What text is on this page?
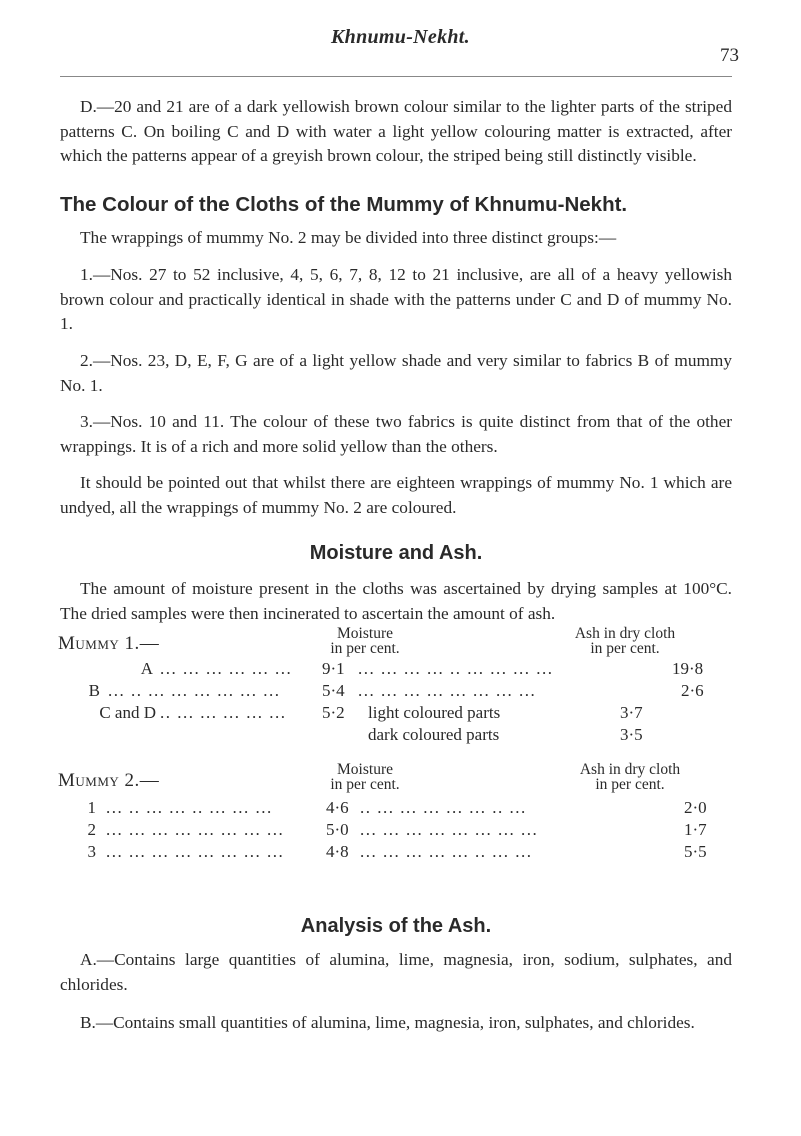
Khnumu-Nekht.
73

D.—20 and 21 are of a dark yellowish brown colour similar to the lighter parts of the striped patterns C. On boiling C and D with water a light yellow colouring matter is extracted, after which the patterns appear of a greyish brown colour, the striped being still distinctly visible.

The Colour of the Cloths of the Mummy of Khnumu-Nekht.

The wrappings of mummy No. 2 may be divided into three distinct groups:—

1.—Nos. 27 to 52 inclusive, 4, 5, 6, 7, 8, 12 to 21 inclusive, are all of a heavy yellowish brown colour and practically identical in shade with the patterns under C and D of mummy No. 1.

2.—Nos. 23, D, E, F, G are of a light yellow shade and very similar to fabrics B of mummy No. 1.

3.—Nos. 10 and 11. The colour of these two fabrics is quite distinct from that of the other wrappings. It is of a rich and more solid yellow than the others.

It should be pointed out that whilst there are eighteen wrappings of mummy No. 1 which are undyed, all the wrappings of mummy No. 2 are coloured.

Moisture and Ash.

The amount of moisture present in the cloths was ascertained by drying samples at 100°C. The dried samples were then incinerated to ascertain the amount of ash.

Mummy 1.—	Moisture
in per cent.
Ash in dry cloth
in per cent.
A ... ... ... ... ... ...	9·1 ... ... ... ... .. ... ... ... ...	19·8
B ... .. ... ... ... ... ... ...	5·4 ... ... ... ... ... ... ... ...	2·6
C and D .. ... ... ... ... ...	5·2 light coloured parts	3·7
dark coloured parts	3·5
Mummy 2.—
Moisture
in per cent.
Ash in dry cloth
in per cent.
1 ... .. ... ... .. ... ... ...	4·6 .. ... ... ... ... ... .. ...	2·0
2 ... ... ... ... ... ... ... ...	5·0 ... ... ... ... ... ... ... ...	1·7
3 ... ... ... ... ... ... ... ...	4·8 ... ... ... ... ... .. ... ...	5·5
Analysis of the Ash.

A.—Contains large quantities of alumina, lime, magnesia, iron, sodium, sulphates, and chlorides.

B.—Contains small quantities of alumina, lime, magnesia, iron, sulphates, and chlorides.
